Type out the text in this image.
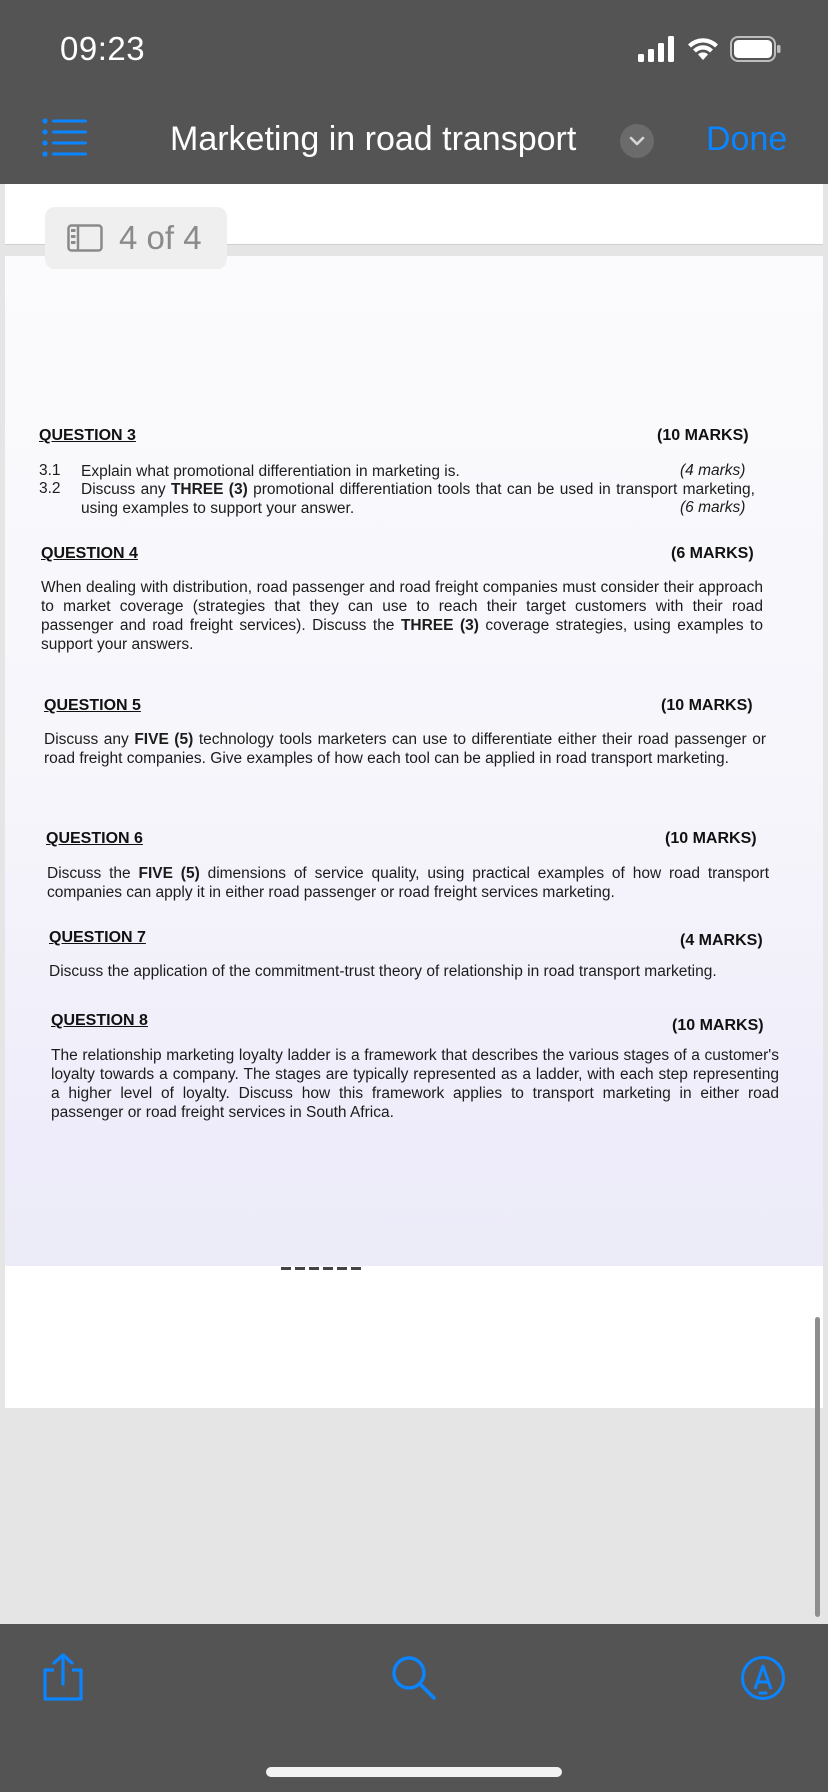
09:23
Marketing in road transport	Done
QUESTION 3	(10 MARKS)
3.1 Explain what promotional differentiation in marketing is.	(4 marks)
3.2 Discuss any THREE (3) promotional differentiation tools that can be used in transport marketing, using examples to support your answer.	(6 marks)
QUESTION 4	(6 MARKS)
When dealing with distribution, road passenger and road freight companies must consider their approach to market coverage (strategies that they can use to reach their target customers with their road passenger and road freight services). Discuss the THREE (3) coverage strategies, using examples to support your answers.
QUESTION 5	(10 MARKS)
Discuss any FIVE (5) technology tools marketers can use to differentiate either their road passenger or road freight companies. Give examples of how each tool can be applied in road transport marketing.
QUESTION 6	(10 MARKS)
Discuss the FIVE (5) dimensions of service quality, using practical examples of how road transport companies can apply it in either road passenger or road freight services marketing.
QUESTION 7	(4 MARKS)
Discuss the application of the commitment-trust theory of relationship in road transport marketing.
QUESTION 8	(10 MARKS)
The relationship marketing loyalty ladder is a framework that describes the various stages of a customer's loyalty towards a company. The stages are typically represented as a ladder, with each step representing a higher level of loyalty. Discuss how this framework applies to transport marketing in either road passenger or road freight services in South Africa.
4 of 4
